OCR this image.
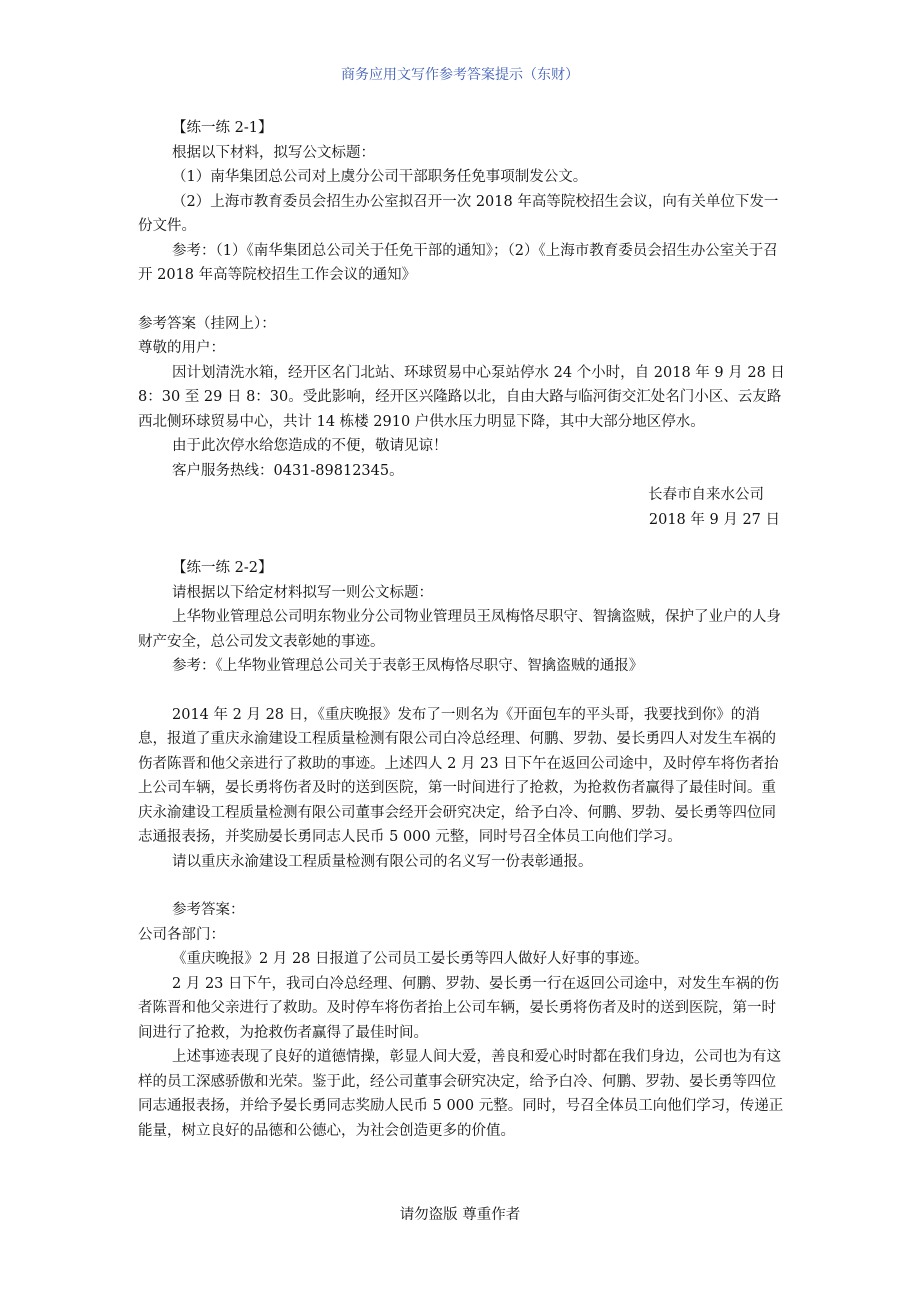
商务应用文写作参考答案提示（东财）

【练一练 2-1】

根据以下材料，拟写公文标题：

（1）南华集团总公司对上虞分公司干部职务任免事项制发公文。

（2）上海市教育委员会招生办公室拟召开一次 2018 年高等院校招生会议，向有关单位下发一份文件。

参考：（1）《南华集团总公司关于任免干部的通知》；（2）《上海市教育委员会招生办公室关于召开 2018 年高等院校招生工作会议的通知》

参考答案（挂网上）：

尊敬的用户：

因计划清洗水箱，经开区名门北站、环球贸易中心泵站停水 24 个小时，自 2018 年 9 月 28 日 8：30 至 29 日 8：30。受此影响，经开区兴隆路以北，自由大路与临河街交汇处名门小区、云友路西北侧环球贸易中心，共计 14 栋楼 2910 户供水压力明显下降，其中大部分地区停水。

由于此次停水给您造成的不便，敬请见谅！

客户服务热线：0431-89812345。

长春市自来水公司

2018 年 9 月 27 日

【练一练 2-2】

请根据以下给定材料拟写一则公文标题：

上华物业管理总公司明东物业分公司物业管理员王凤梅恪尽职守、智擒盗贼，保护了业户的人身财产安全，总公司发文表彰她的事迹。

参考：《上华物业管理总公司关于表彰王凤梅恪尽职守、智擒盗贼的通报》

2014 年 2 月 28 日，《重庆晚报》发布了一则名为《开面包车的平头哥，我要找到你》的消息，报道了重庆永渝建设工程质量检测有限公司白冷总经理、何鹏、罗勃、晏长勇四人对发生车祸的伤者陈晋和他父亲进行了救助的事迹。上述四人 2 月 23 日下午在返回公司途中，及时停车将伤者抬上公司车辆，晏长勇将伤者及时的送到医院，第一时间进行了抢救，为抢救伤者赢得了最佳时间。重庆永渝建设工程质量检测有限公司董事会经开会研究决定，给予白冷、何鹏、罗勃、晏长勇等四位同志通报表扬，并奖励晏长勇同志人民币 5 000 元整，同时号召全体员工向他们学习。

请以重庆永渝建设工程质量检测有限公司的名义写一份表彰通报。

参考答案：

公司各部门：

《重庆晚报》2 月 28 日报道了公司员工晏长勇等四人做好人好事的事迹。

2 月 23 日下午，我司白冷总经理、何鹏、罗勃、晏长勇一行在返回公司途中，对发生车祸的伤者陈晋和他父亲进行了救助。及时停车将伤者抬上公司车辆，晏长勇将伤者及时的送到医院，第一时间进行了抢救，为抢救伤者赢得了最佳时间。

上述事迹表现了良好的道德情操，彰显人间大爱，善良和爱心时时都在我们身边，公司也为有这样的员工深感骄傲和光荣。鉴于此，经公司董事会研究决定，给予白冷、何鹏、罗勃、晏长勇等四位同志通报表扬，并给予晏长勇同志奖励人民币 5 000 元整。同时，号召全体员工向他们学习，传递正能量，树立良好的品德和公德心，为社会创造更多的价值。

请勿盗版 尊重作者
